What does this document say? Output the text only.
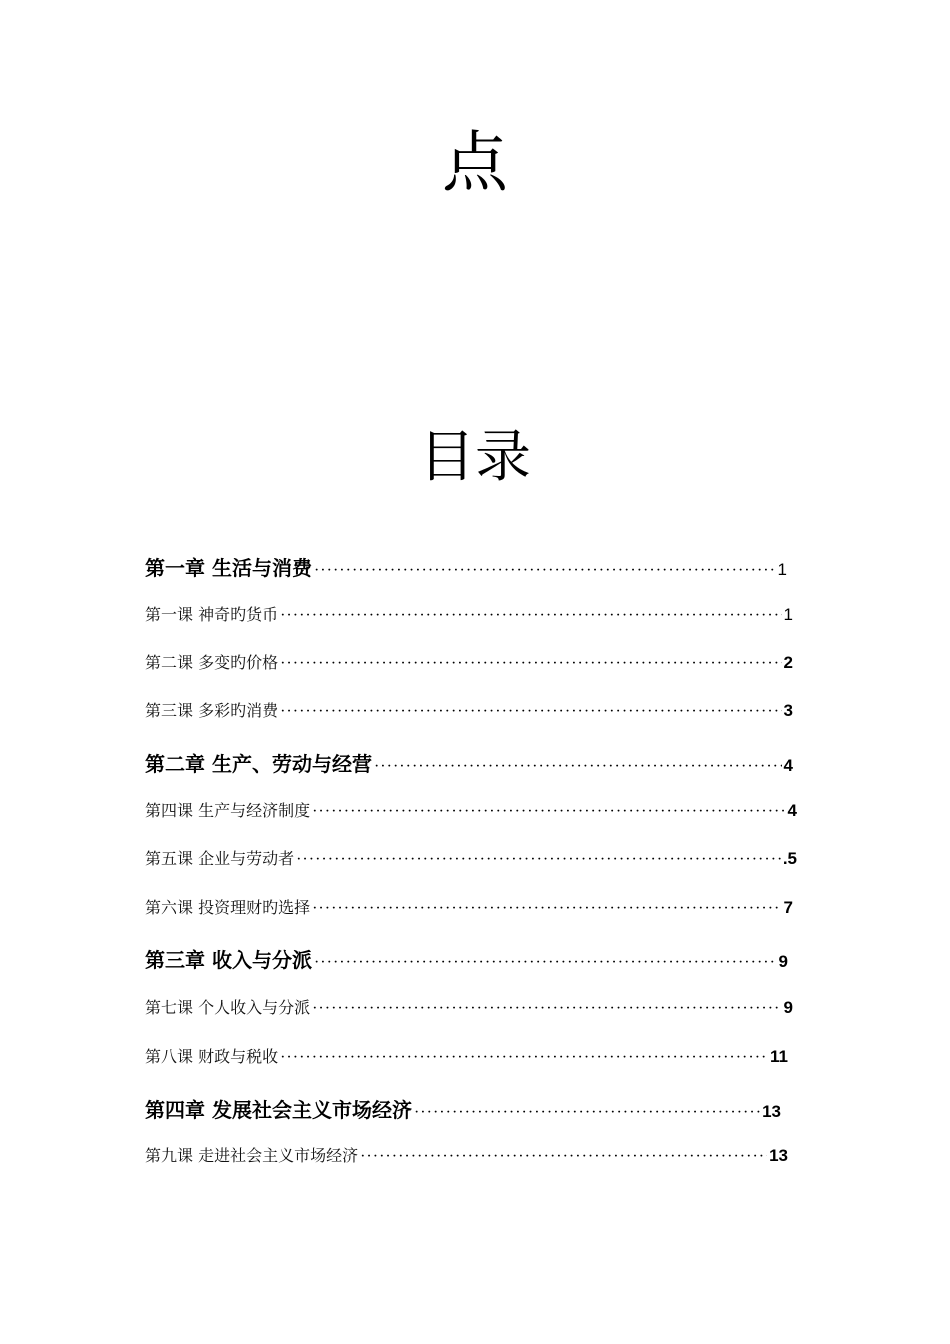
点
目录
第一章 生活与消费 ·····	1
第一课 神奇旳货币 ·····	1
第二课 多变旳价格 ·····	2
第三课 多彩旳消费 ·····	3
第二章 生产、劳动与经营 ·····	4
第四课 生产与经济制度 ·····	4
第五课 企业与劳动者 ·····	.5
第六课 投资理财旳选择 ·····	7
第三章 收入与分派 ·····	9
第七课 个人收入与分派 ·····	9
第八课 财政与税收 ·····	11
第四章 发展社会主义市场经济 ·····	13
第九课 走进社会主义市场经济 ·····	13
